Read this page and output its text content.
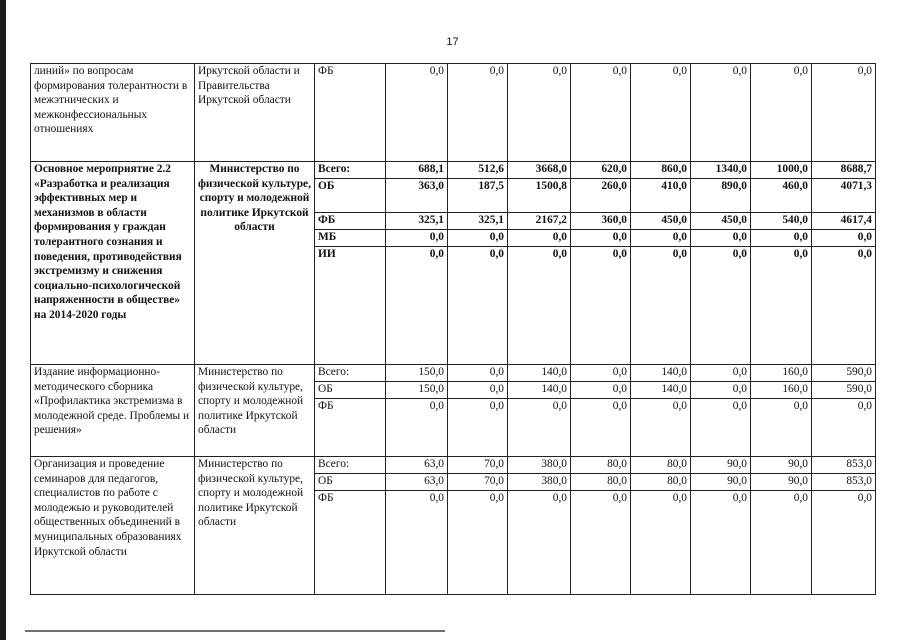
17
линий» по вопросам формирования толерантности в межэтнических и межконфессиональных отношениях	Иркутской области и Правительства Иркутской области	ФБ	0,0	0,0	0,0	0,0	0,0	0,0	0,0	0,0
Основное мероприятие 2.2 «Разработка и реализация эффективных мер и механизмов в области формирования у граждан толерантного сознания и поведения, противодействия экстремизму и снижения социально-психологической напряженности в обществе» на 2014-2020 годы	Министерство по физической культуре, спорту и молодежной политике Иркутской области	Всего:	688,1	512,6	3668,0	620,0	860,0	1340,0	1000,0	8688,7
		ОБ	363,0	187,5	1500,8	260,0	410,0	890,0	460,0	4071,3
		ФБ	325,1	325,1	2167,2	360,0	450,0	450,0	540,0	4617,4
		МБ	0,0	0,0	0,0	0,0	0,0	0,0	0,0	0,0
		ИИ	0,0	0,0	0,0	0,0	0,0	0,0	0,0	0,0
Издание информационно-методического сборника «Профилактика экстремизма в молодежной среде. Проблемы и решения»	Министерство по физической культуре, спорту и молодежной политике Иркутской области	Всего:	150,0	0,0	140,0	0,0	140,0	0,0	160,0	590,0
		ОБ	150,0	0,0	140,0	0,0	140,0	0,0	160,0	590,0
		ФБ	0,0	0,0	0,0	0,0	0,0	0,0	0,0	0,0
Организация и проведение семинаров для педагогов, специалистов по работе с молодежью и руководителей общественных объединений в муниципальных образованиях Иркутской области	Министерство по физической культуре, спорту и молодежной политике Иркутской области	Всего:	63,0	70,0	380,0	80,0	80,0	90,0	90,0	853,0
		ОБ	63,0	70,0	380,0	80,0	80,0	90,0	90,0	853,0
		ФБ	0,0	0,0	0,0	0,0	0,0	0,0	0,0	0,0
